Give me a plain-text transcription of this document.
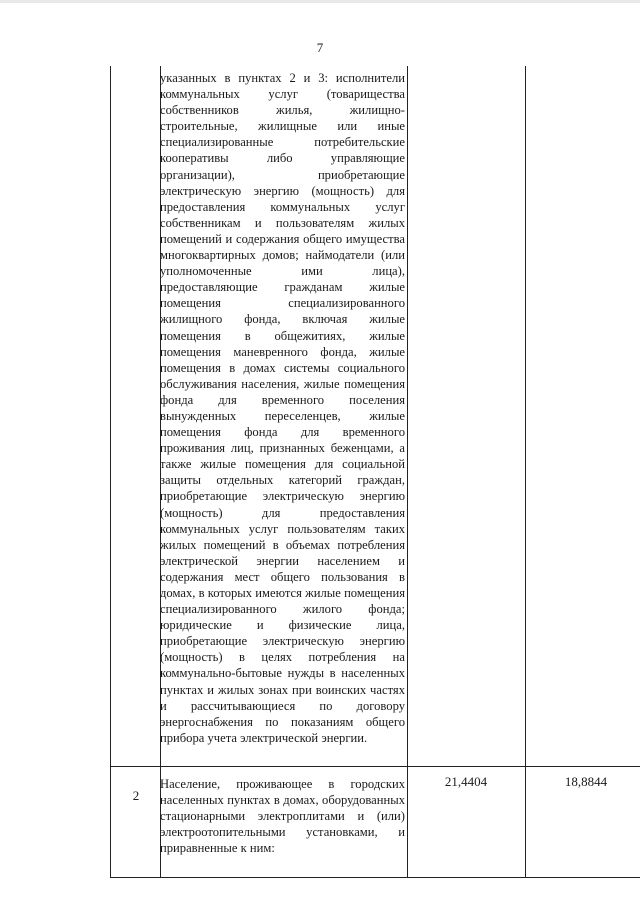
7
указанных в пунктах 2 и 3: исполнители коммунальных услуг (товарищества собственников жилья, жилищно-строительные, жилищные или иные специализированные потребительские кооперативы либо управляющие организации), приобретающие электрическую энергию (мощность) для предоставления коммунальных услуг собственникам и пользователям жилых помещений и содержания общего имущества многоквартирных домов; наймодатели (или уполномоченные ими лица), предоставляющие гражданам жилые помещения специализированного жилищного фонда, включая жилые помещения в общежитиях, жилые помещения маневренного фонда, жилые помещения в домах системы социального обслуживания населения, жилые помещения фонда для временного поселения вынужденных переселенцев, жилые помещения фонда для временного проживания лиц, признанных беженцами, а также жилые помещения для социальной защиты отдельных категорий граждан, приобретающие электрическую энергию (мощность) для предоставления коммунальных услуг пользователям таких жилых помещений в объемах потребления электрической энергии населением и содержания мест общего пользования в домах, в которых имеются жилые помещения специализированного жилого фонда; юридические и физические лица, приобретающие электрическую энергию (мощность) в целях потребления на коммунально-бытовые нужды в населенных пунктах и жилых зонах при воинских частях и рассчитывающиеся по договору энергоснабжения по показаниям общего прибора учета электрической энергии.
2
Население, проживающее в городских населенных пунктах в домах, оборудованных стационарными электроплитами и (или) электроотопительными установками, и приравненные к ним:
21,4404	18,8844
